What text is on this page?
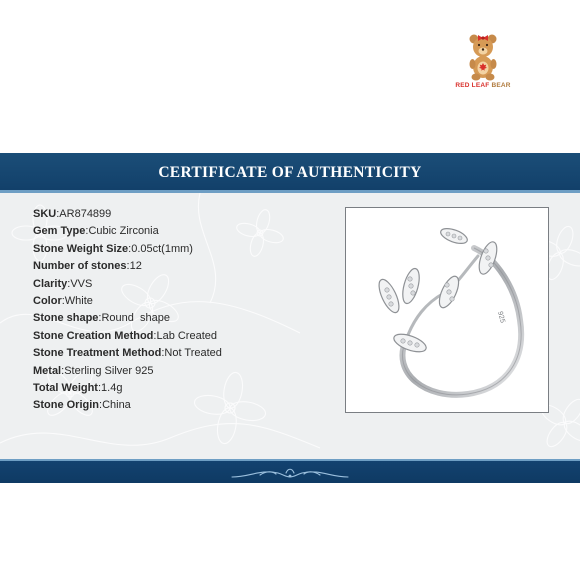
RED LEAF BEAR
CERTIFICATE OF AUTHENTICITY
SKU:AR874899
Gem Type:Cubic Zirconia
Stone Weight Size:0.05ct(1mm)
Number of stones:12
Clarity:VVS
Color:White
Stone shape:Round  shape
Stone Creation Method:Lab Created
Stone Treatment Method:Not Treated
Metal:Sterling Silver 925
Total Weight:1.4g
Stone Origin:China
925
